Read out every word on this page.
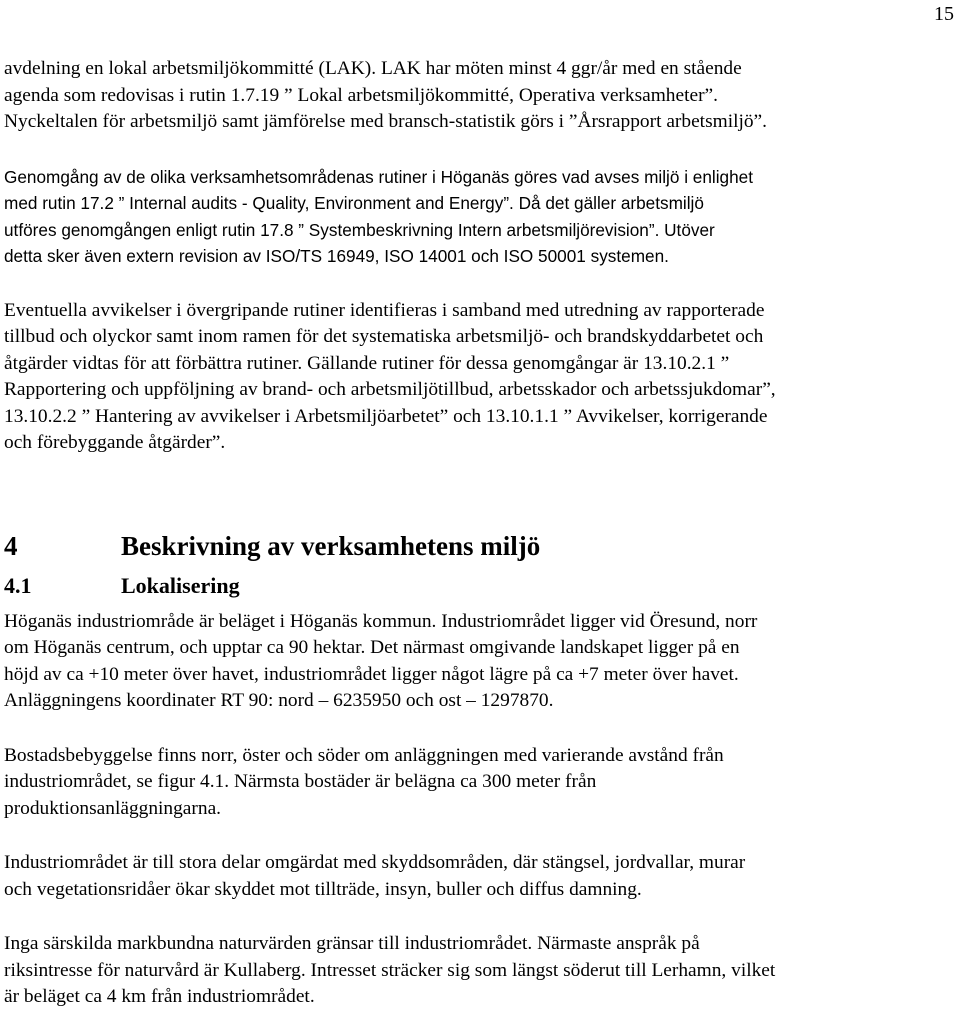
15

avdelning en lokal arbetsmiljökommitté (LAK). LAK har möten minst 4 ggr/år med en stående
agenda som redovisas i rutin 1.7.19 ” Lokal arbetsmiljökommitté, Operativa verksamheter”.
Nyckeltalen för arbetsmiljö samt jämförelse med bransch-statistik görs i ”Årsrapport arbetsmiljö”.

Genomgång av de olika verksamhetsområdenas rutiner i Höganäs göres vad avses miljö i enlighet
med rutin 17.2 ” Internal audits - Quality, Environment and Energy”. Då det gäller arbetsmiljö
utföres genomgången enligt rutin 17.8 ” Systembeskrivning Intern arbetsmiljörevision”. Utöver
detta sker även extern revision av ISO/TS 16949, ISO 14001 och ISO 50001 systemen.

Eventuella avvikelser i övergripande rutiner identifieras i samband med utredning av rapporterade
tillbud och olyckor samt inom ramen för det systematiska arbetsmiljö- och brandskyddarbetet och
åtgärder vidtas för att förbättra rutiner. Gällande rutiner för dessa genomgångar är 13.10.2.1 ”
Rapportering och uppföljning av brand- och arbetsmiljötillbud, arbetsskador och arbetssjukdomar”,
13.10.2.2 ” Hantering av avvikelser i Arbetsmiljöarbetet” och 13.10.1.1 ” Avvikelser, korrigerande
och förebyggande åtgärder”.

4	Beskrivning av verksamhetens miljö
4.1	Lokalisering

Höganäs industriområde är beläget i Höganäs kommun. Industriområdet ligger vid Öresund, norr
om Höganäs centrum, och upptar ca 90 hektar. Det närmast omgivande landskapet ligger på en
höjd av ca +10 meter över havet, industriområdet ligger något lägre på ca +7 meter över havet.
Anläggningens koordinater RT 90: nord – 6235950 och ost – 1297870.

Bostadsbebyggelse finns norr, öster och söder om anläggningen med varierande avstånd från
industriområdet, se figur 4.1. Närmsta bostäder är belägna ca 300 meter från
produktionsanläggningarna.

Industriområdet är till stora delar omgärdat med skyddsområden, där stängsel, jordvallar, murar
och vegetationsridåer ökar skyddet mot tillträde, insyn, buller och diffus damning.

Inga särskilda markbundna naturvärden gränsar till industriområdet. Närmaste anspråk på
riksintresse för naturvård är Kullaberg. Intresset sträcker sig som längst söderut till Lerhamn, vilket
är beläget ca 4 km från industriområdet.
